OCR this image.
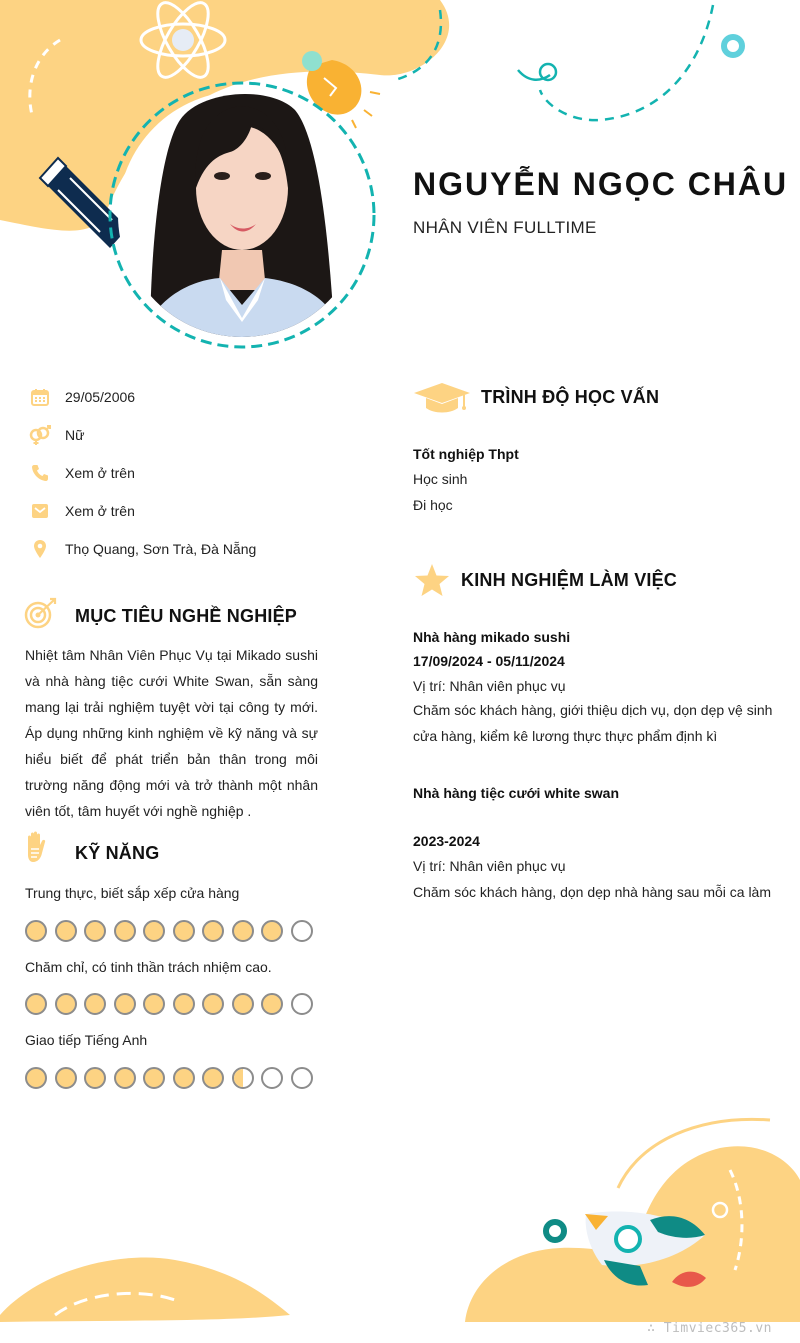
NGUYỄN NGỌC CHÂU
NHÂN VIÊN FULLTIME
29/05/2006
Nữ
Xem ở trên
Xem ở trên
Thọ Quang, Sơn Trà, Đà Nẵng
MỤC TIÊU NGHỀ NGHIỆP
Nhiệt tâm Nhân Viên Phục Vụ tại Mikado sushi và nhà hàng tiệc cưới White Swan, sẵn sàng mang lại trải nghiệm tuyệt vời tại công ty mới. Áp dụng những kinh nghiệm về kỹ năng và sự hiểu biết để phát triển bản thân trong môi trường năng động mới và trở thành một nhân viên tốt, tâm huyết với nghề nghiệp .
KỸ NĂNG
Trung thực, biết sắp xếp cửa hàng
Chăm chỉ, có tinh thần trách nhiệm cao.
Giao tiếp Tiếng Anh
TRÌNH ĐỘ HỌC VẤN
Tốt nghiệp Thpt
Học sinh
Đi học
KINH NGHIỆM LÀM VIỆC
Nhà hàng mikado sushi
17/09/2024 - 05/11/2024
Vị trí: Nhân viên phục vụ
Chăm sóc khách hàng, giới thiệu dịch vụ, dọn dẹp vệ sinh cửa hàng, kiểm kê lương thực thực phẩm định kì
Nhà hàng tiệc cưới white swan
2023-2024
Vị trí: Nhân viên phục vụ
Chăm sóc khách hàng, dọn dẹp nhà hàng sau mỗi ca làm
∴ Timviec365.vn
